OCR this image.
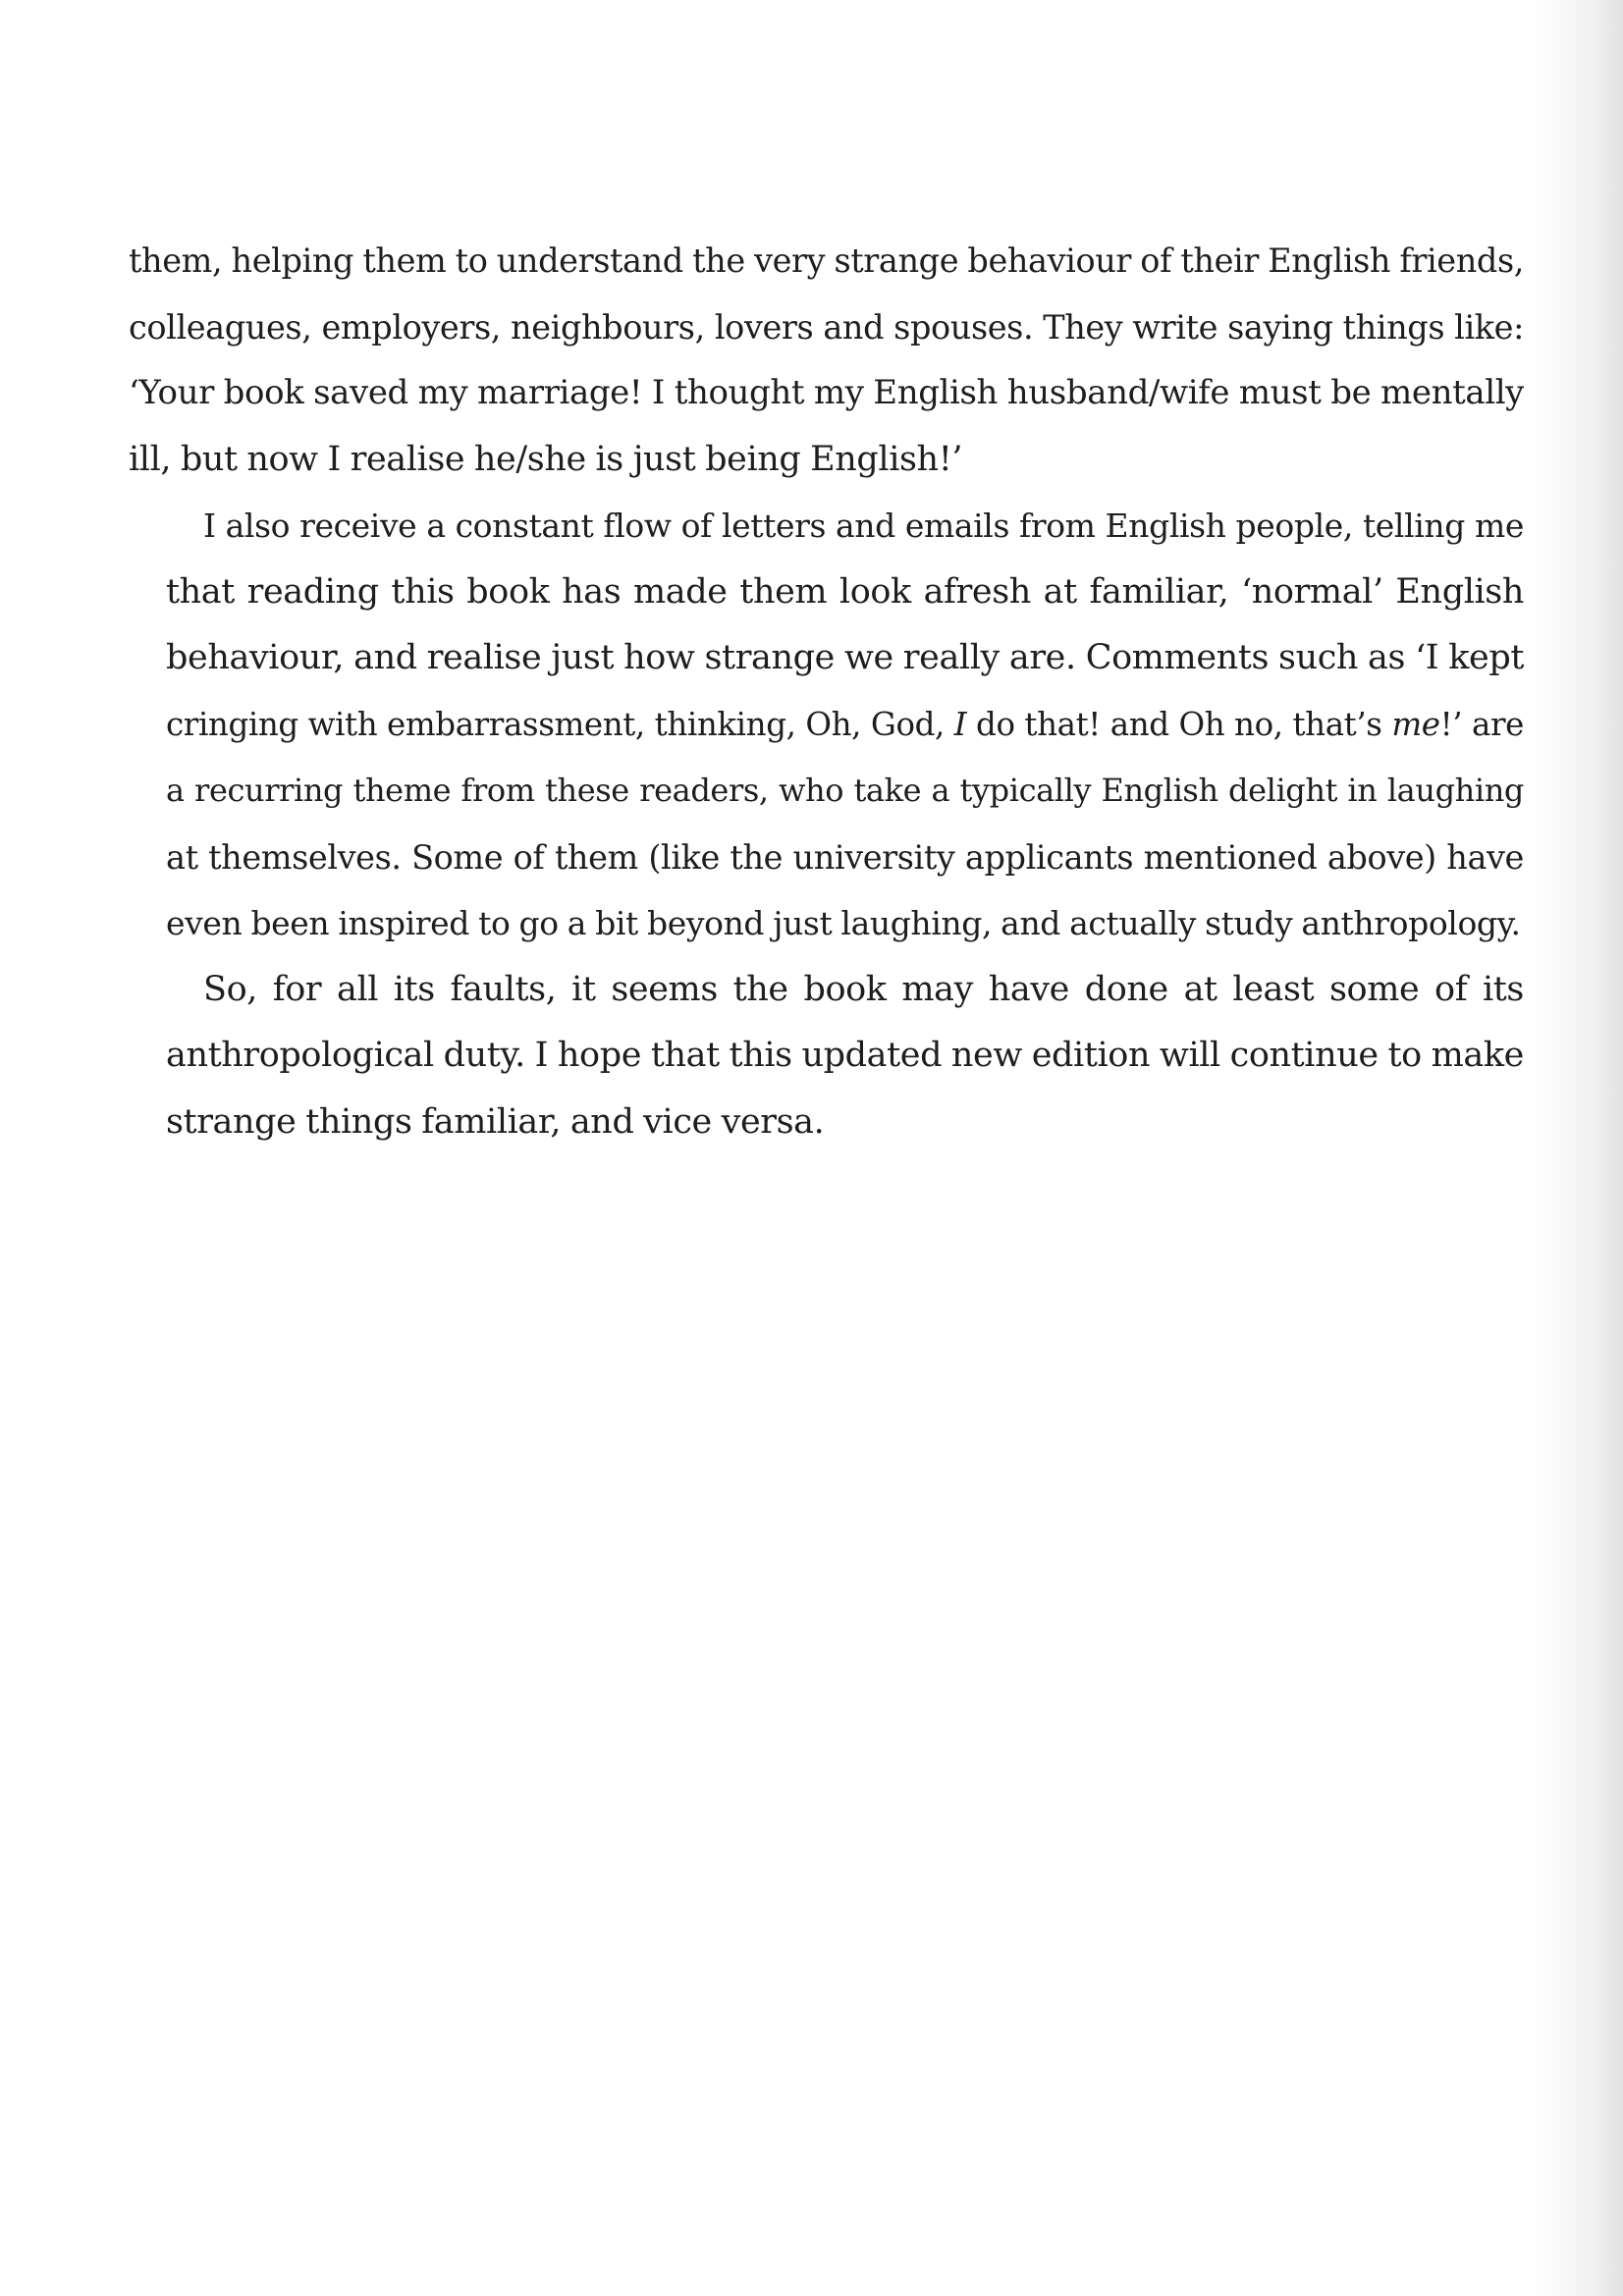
them, helping them to understand the very strange behaviour of their English friends,
colleagues, employers, neighbours, lovers and spouses. They write saying things like:
‘Your book saved my marriage! I thought my English husband/wife must be mentally
ill, but now I realise he/she is just being English!’
I also receive a constant flow of letters and emails from English people, telling me
that reading this book has made them look afresh at familiar, ‘normal’ English
behaviour, and realise just how strange we really are. Comments such as ‘I kept
cringing with embarrassment, thinking, Oh, God, I do that! and Oh no, that’s me!’ are
a recurring theme from these readers, who take a typically English delight in laughing
at themselves. Some of them (like the university applicants mentioned above) have
even been inspired to go a bit beyond just laughing, and actually study anthropology.
So, for all its faults, it seems the book may have done at least some of its
anthropological duty. I hope that this updated new edition will continue to make
strange things familiar, and vice versa.
